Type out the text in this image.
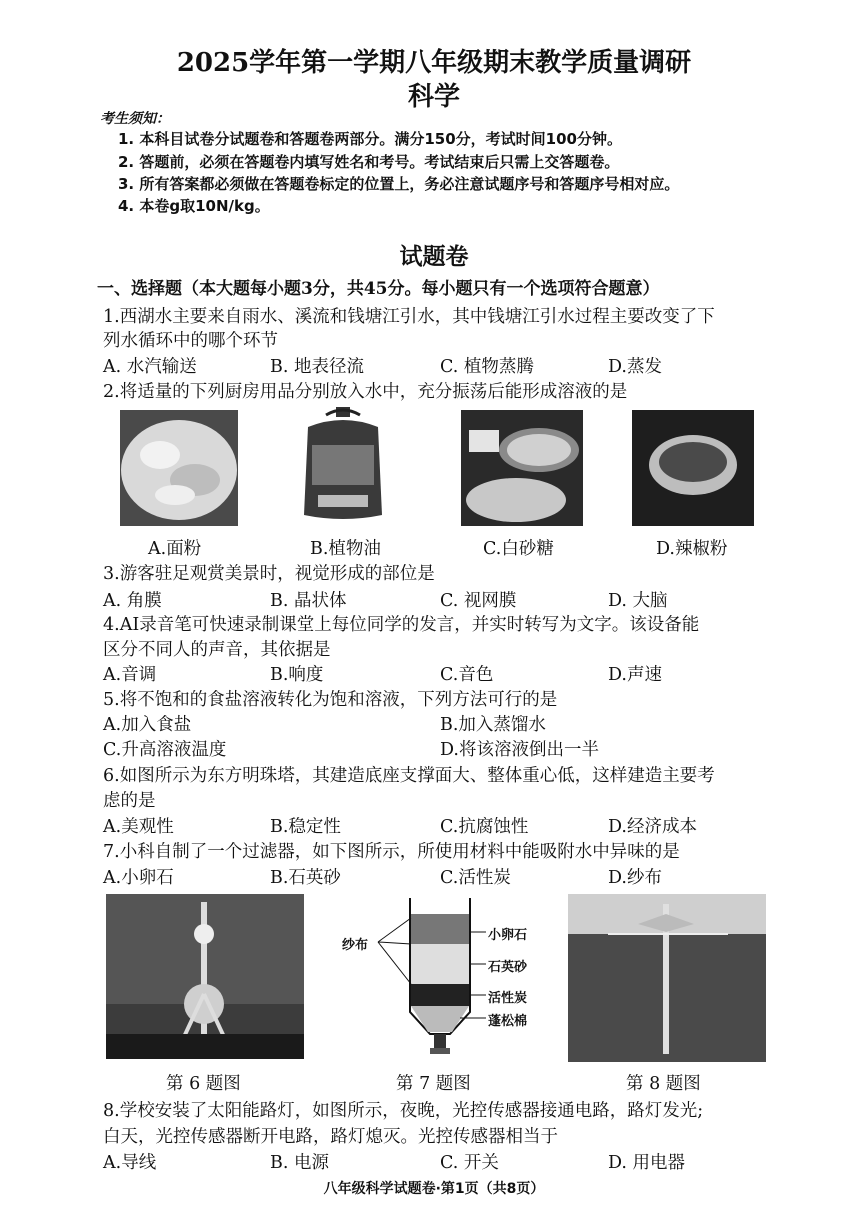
2025学年第一学期八年级期末教学质量调研
科学
考生须知：
1. 本科目试卷分试题卷和答题卷两部分。满分150分，考试时间100分钟。
2. 答题前，必须在答题卷内填写姓名和考号。考试结束后只需上交答题卷。
3. 所有答案都必须做在答题卷标定的位置上，务必注意试题序号和答题序号相对应。
4. 本卷g取10N/kg。
试题卷
一、选择题（本大题每小题3分，共45分。每小题只有一个选项符合题意）
1.西湖水主要来自雨水、溪流和钱塘江引水，其中钱塘江引水过程主要改变了下
列水循环中的哪个环节
A. 水汽输送	B. 地表径流	C. 植物蒸腾	D.蒸发
2.将适量的下列厨房用品分别放入水中，充分振荡后能形成溶液的是
A.面粉	B.植物油	C.白砂糖	D.辣椒粉
3.游客驻足观赏美景时，视觉形成的部位是
A. 角膜	B. 晶状体	C. 视网膜	D. 大脑
4.AI录音笔可快速录制课堂上每位同学的发言，并实时转写为文字。该设备能
区分不同人的声音，其依据是
A.音调	B.响度	C.音色	D.声速
5.将不饱和的食盐溶液转化为饱和溶液，下列方法可行的是
A.加入食盐	B.加入蒸馏水
C.升高溶液温度	D.将该溶液倒出一半
6.如图所示为东方明珠塔，其建造底座支撑面大、整体重心低，这样建造主要考
虑的是
A.美观性	B.稳定性	C.抗腐蚀性	D.经济成本
7.小科自制了一个过滤器，如下图所示，所使用材料中能吸附水中异味的是
A.小卵石	B.石英砂	C.活性炭	D.纱布
纱布
小卵石
石英砂
活性炭
蓬松棉
第 6 题图	第 7 题图	第 8 题图
8.学校安装了太阳能路灯，如图所示，夜晚，光控传感器接通电路，路灯发光;
白天，光控传感器断开电路，路灯熄灭。光控传感器相当于
A.导线	B. 电源	C. 开关	D. 用电器
八年级科学试题卷·第1页（共8页）
